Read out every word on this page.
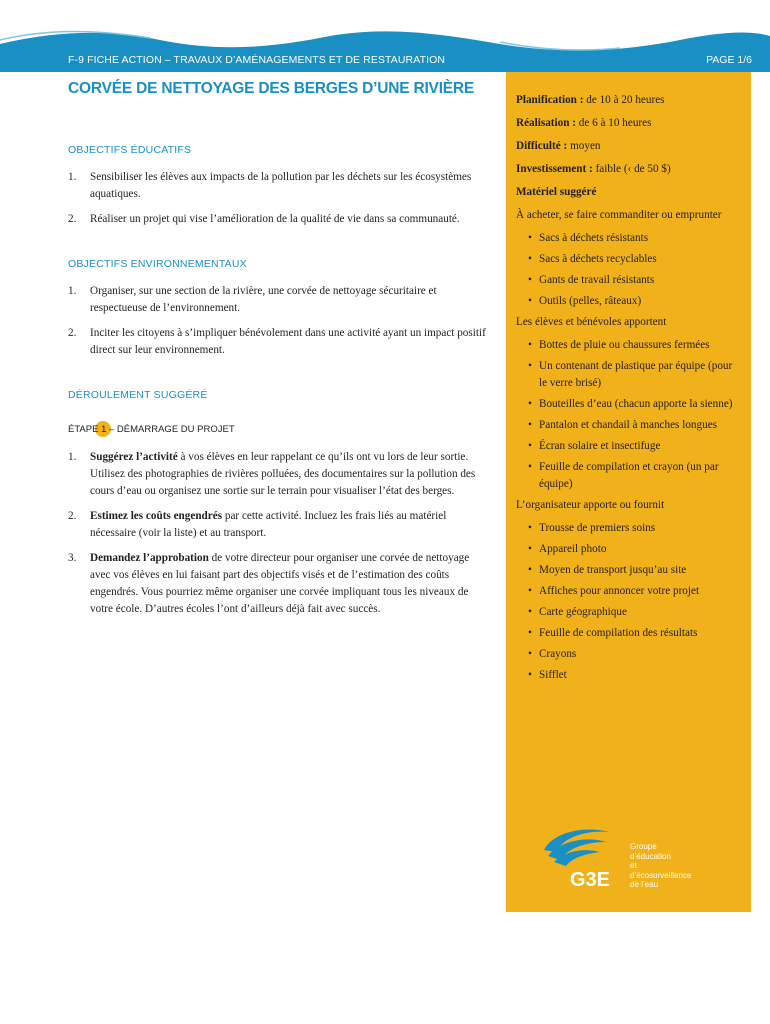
F-9 FICHE ACTION – TRAVAUX D’AMÉNAGEMENTS ET DE RESTAURATION	PAGE 1/6
CORVÉE DE NETTOYAGE DES BERGES D’UNE RIVIÈRE
OBJECTIFS ÉDUCATIFS
1. Sensibiliser les élèves aux impacts de la pollution par les déchets sur les écosystèmes aquatiques.
2. Réaliser un projet qui vise l’amélioration de la qualité de vie dans sa communauté.
OBJECTIFS ENVIRONNEMENTAUX
1. Organiser, sur une section de la rivière, une corvée de nettoyage sécuritaire et respectueuse de l’environnement.
2. Inciter les citoyens à s’impliquer bénévolement dans une activité ayant un impact positif direct sur leur environnement.
DÉROULEMENT SUGGÉRÉ
ÉTAPE 1 – DÉMARRAGE DU PROJET
1. Suggérez l’activité à vos élèves en leur rappelant ce qu’ils ont vu lors de leur sortie. Utilisez des photographies de rivières polluées, des documentaires sur la pollution des cours d’eau ou organisez une sortie sur le terrain pour visualiser l’état des berges.
2. Estimez les coûts engendrés par cette activité. Incluez les frais liés au matériel nécessaire (voir la liste) et au transport.
3. Demandez l’approbation de votre directeur pour organiser une corvée de nettoyage avec vos élèves en lui faisant part des objectifs visés et de l’estimation des coûts engendrés. Vous pourriez même organiser une corvée impliquant tous les niveaux de votre école. D’autres écoles l’ont d’ailleurs déjà fait avec succès.

Planification : de 10 à 20 heures

Réalisation : de 6 à 10 heures

Difficulté : moyen

Investissement : faible (‹ de 50 $)

Matériel suggéré

À acheter, se faire commanditer ou emprunter

• Sacs à déchets résistants
• Sacs à déchets recyclables
• Gants de travail résistants
• Outils (pelles, râteaux)

Les élèves et bénévoles apportent

• Bottes de pluie ou chaussures fermées
• Un contenant de plastique par équipe (pour le verre brisé)
• Bouteilles d’eau (chacun apporte la sienne)
• Pantalon et chandail à manches longues
• Écran solaire et insectifuge
• Feuille de compilation et crayon (un par équipe)

L’organisateur apporte ou fournit

• Trousse de premiers soins
• Appareil photo
• Moyen de transport jusqu’au site
• Affiches pour annoncer votre projet
• Carte géographique
• Feuille de compilation des résultats
• Crayons
• Sifflet
G3E
Groupe
d’éducation
et d’écosurveillance
de l’eau
